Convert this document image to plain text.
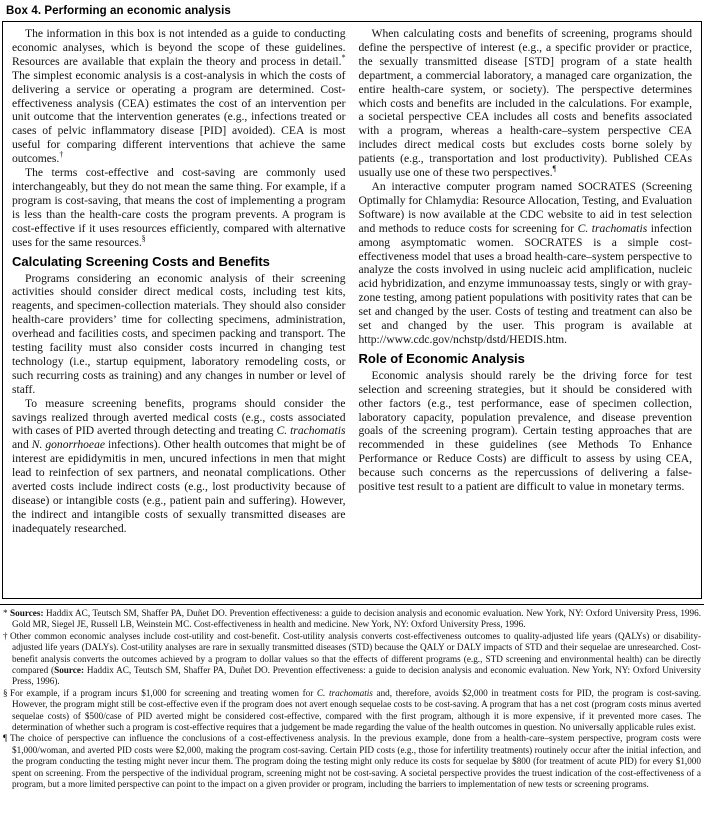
Box 4. Performing an economic analysis

The information in this box is not intended as a guide to conducting economic analyses, which is beyond the scope of these guidelines. Resources are available that explain the theory and process in detail.* The simplest economic analysis is a cost-analysis in which the costs of delivering a service or operating a program are determined. Cost-effectiveness analysis (CEA) estimates the cost of an intervention per unit outcome that the intervention generates (e.g., infections treated or cases of pelvic inflammatory disease [PID] avoided). CEA is most useful for comparing different interventions that achieve the same outcomes.†

The terms cost-effective and cost-saving are commonly used interchangeably, but they do not mean the same thing. For example, if a program is cost-saving, that means the cost of implementing a program is less than the health-care costs the program prevents. A program is cost-effective if it uses resources efficiently, compared with alternative uses for the same resources.§

Calculating Screening Costs and Benefits

Programs considering an economic analysis of their screening activities should consider direct medical costs, including test kits, reagents, and specimen-collection materials. They should also consider health-care providers’ time for collecting specimens, administration, overhead and facilities costs, and specimen packing and transport. The testing facility must also consider costs incurred in changing test technology (i.e., startup equipment, laboratory remodeling costs, or such recurring costs as training) and any changes in number or level of staff.

To measure screening benefits, programs should consider the savings realized through averted medical costs (e.g., costs associated with cases of PID averted through detecting and treating C. trachomatis and N. gonorrhoeae infections). Other health outcomes that might be of interest are epididymitis in men, uncured infections in men that might lead to reinfection of sex partners, and neonatal complications. Other averted costs include indirect costs (e.g., lost productivity because of disease) or intangible costs (e.g., patient pain and suffering). However, the indirect and intangible costs of sexually transmitted diseases are inadequately researched.

When calculating costs and benefits of screening, programs should define the perspective of interest (e.g., a specific provider or practice, the sexually transmitted disease [STD] program of a state health department, a commercial laboratory, a managed care organization, the entire health-care system, or society). The perspective determines which costs and benefits are included in the calculations. For example, a societal perspective CEA includes all costs and benefits associated with a program, whereas a health-care–system perspective CEA includes direct medical costs but excludes costs borne solely by patients (e.g., transportation and lost productivity). Published CEAs usually use one of these two perspectives.¶

An interactive computer program named SOCRATES (Screening Optimally for Chlamydia: Resource Allocation, Testing, and Evaluation Software) is now available at the CDC website to aid in test selection and methods to reduce costs for screening for C. trachomatis infection among asymptomatic women. SOCRATES is a simple cost-effectiveness model that uses a broad health-care–system perspective to analyze the costs involved in using nucleic acid amplification, nucleic acid hybridization, and enzyme immunoassay tests, singly or with gray-zone testing, among patient populations with positivity rates that can be set and changed by the user. Costs of testing and treatment can also be set and changed by the user. This program is available at http://www.cdc.gov/nchstp/dstd/HEDIS.htm.

Role of Economic Analysis

Economic analysis should rarely be the driving force for test selection and screening strategies, but it should be considered with other factors (e.g., test performance, ease of specimen collection, laboratory capacity, population prevalence, and disease prevention goals of the screening program). Certain testing approaches that are recommended in these guidelines (see Methods To Enhance Performance or Reduce Costs) are difficult to assess by using CEA, because such concerns as the repercussions of delivering a false-positive test result to a patient are difficult to value in monetary terms.

* Sources: Haddix AC, Teutsch SM, Shaffer PA, Duñet DO. Prevention effectiveness: a guide to decision analysis and economic evaluation. New York, NY: Oxford University Press, 1996. Gold MR, Siegel JE, Russell LB, Weinstein MC. Cost-effectiveness in health and medicine. New York, NY: Oxford University Press, 1996.
† Other common economic analyses include cost-utility and cost-benefit. Cost-utility analysis converts cost-effectiveness outcomes to quality-adjusted life years (QALYs) or disability-adjusted life years (DALYs). Cost-utility analyses are rare in sexually transmitted diseases (STD) because the QALY or DALY impacts of STD and their sequelae are unresearched. Cost-benefit analysis converts the outcomes achieved by a program to dollar values so that the effects of different programs (e.g., STD screening and environmental health) can be directly compared (Source: Haddix AC, Teutsch SM, Shaffer PA, Duñet DO. Prevention effectiveness: a guide to decision analysis and economic evaluation. New York, NY: Oxford University Press, 1996).
§ For example, if a program incurs $1,000 for screening and treating women for C. trachomatis and, therefore, avoids $2,000 in treatment costs for PID, the program is cost-saving. However, the program might still be cost-effective even if the program does not avert enough sequelae costs to be cost-saving. A program that has a net cost (program costs minus averted sequelae costs) of $500/case of PID averted might be considered cost-effective, compared with the first program, although it is more expensive, if it prevented more cases. The determination of whether such a program is cost-effective requires that a judgement be made regarding the value of the health outcomes in question. No universally applicable rules exist.
¶ The choice of perspective can influence the conclusions of a cost-effectiveness analysis. In the previous example, done from a health-care–system perspective, program costs were $1,000/woman, and averted PID costs were $2,000, making the program cost-saving. Certain PID costs (e.g., those for infertility treatments) routinely occur after the initial infection, and the program conducting the testing might never incur them. The program doing the testing might only reduce its costs for sequelae by $800 (for treatment of acute PID) for every $1,000 spent on screening. From the perspective of the individual program, screening might not be cost-saving. A societal perspective provides the truest indication of the cost-effectiveness of a program, but a more limited perspective can point to the impact on a given provider or program, including the barriers to implementation of new tests or screening programs.
